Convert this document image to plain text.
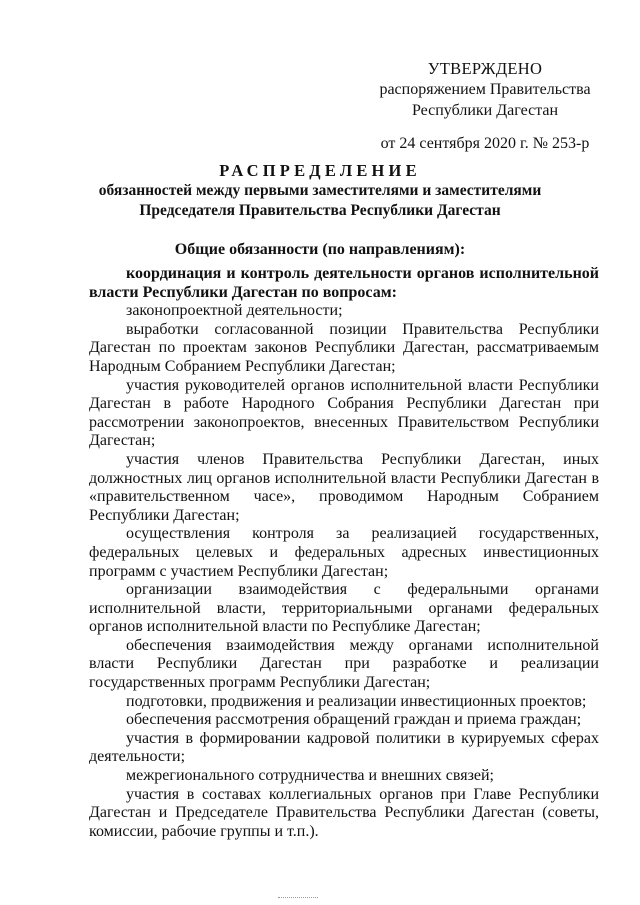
УТВЕРЖДЕНО
распоряжением Правительства
Республики Дагестан
от 24 сентября 2020 г. № 253-р
РАСПРЕДЕЛЕНИЕ
обязанностей между первыми заместителями и заместителями
Председателя Правительства Республики Дагестан
Общие обязанности (по направлениям):

координация и контроль деятельности органов исполнительной власти Республики Дагестан по вопросам:

законопроектной деятельности;

выработки согласованной позиции Правительства Республики Дагестан по проектам законов Республики Дагестан, рассматриваемым Народным Собранием Республики Дагестан;

участия руководителей органов исполнительной власти Республики Дагестан в работе Народного Собрания Республики Дагестан при рассмотрении законопроектов, внесенных Правительством Республики Дагестан;

участия членов Правительства Республики Дагестан, иных должностных лиц органов исполнительной власти Республики Дагестан в «правительственном часе», проводимом Народным Собранием Республики Дагестан;

осуществления контроля за реализацией государственных, федеральных целевых и федеральных адресных инвестиционных программ с участием Республики Дагестан;

организации взаимодействия с федеральными органами исполнительной власти, территориальными органами федеральных органов исполнительной власти по Республике Дагестан;

обеспечения взаимодействия между органами исполнительной власти Республики Дагестан при разработке и реализации государственных программ Республики Дагестан;

подготовки, продвижения и реализации инвестиционных проектов;

обеспечения рассмотрения обращений граждан и приема граждан;

участия в формировании кадровой политики в курируемых сферах деятельности;

межрегионального сотрудничества и внешних связей;

участия в составах коллегиальных органов при Главе Республики Дагестан и Председателе Правительства Республики Дагестан (советы, комиссии, рабочие группы и т.п.).
